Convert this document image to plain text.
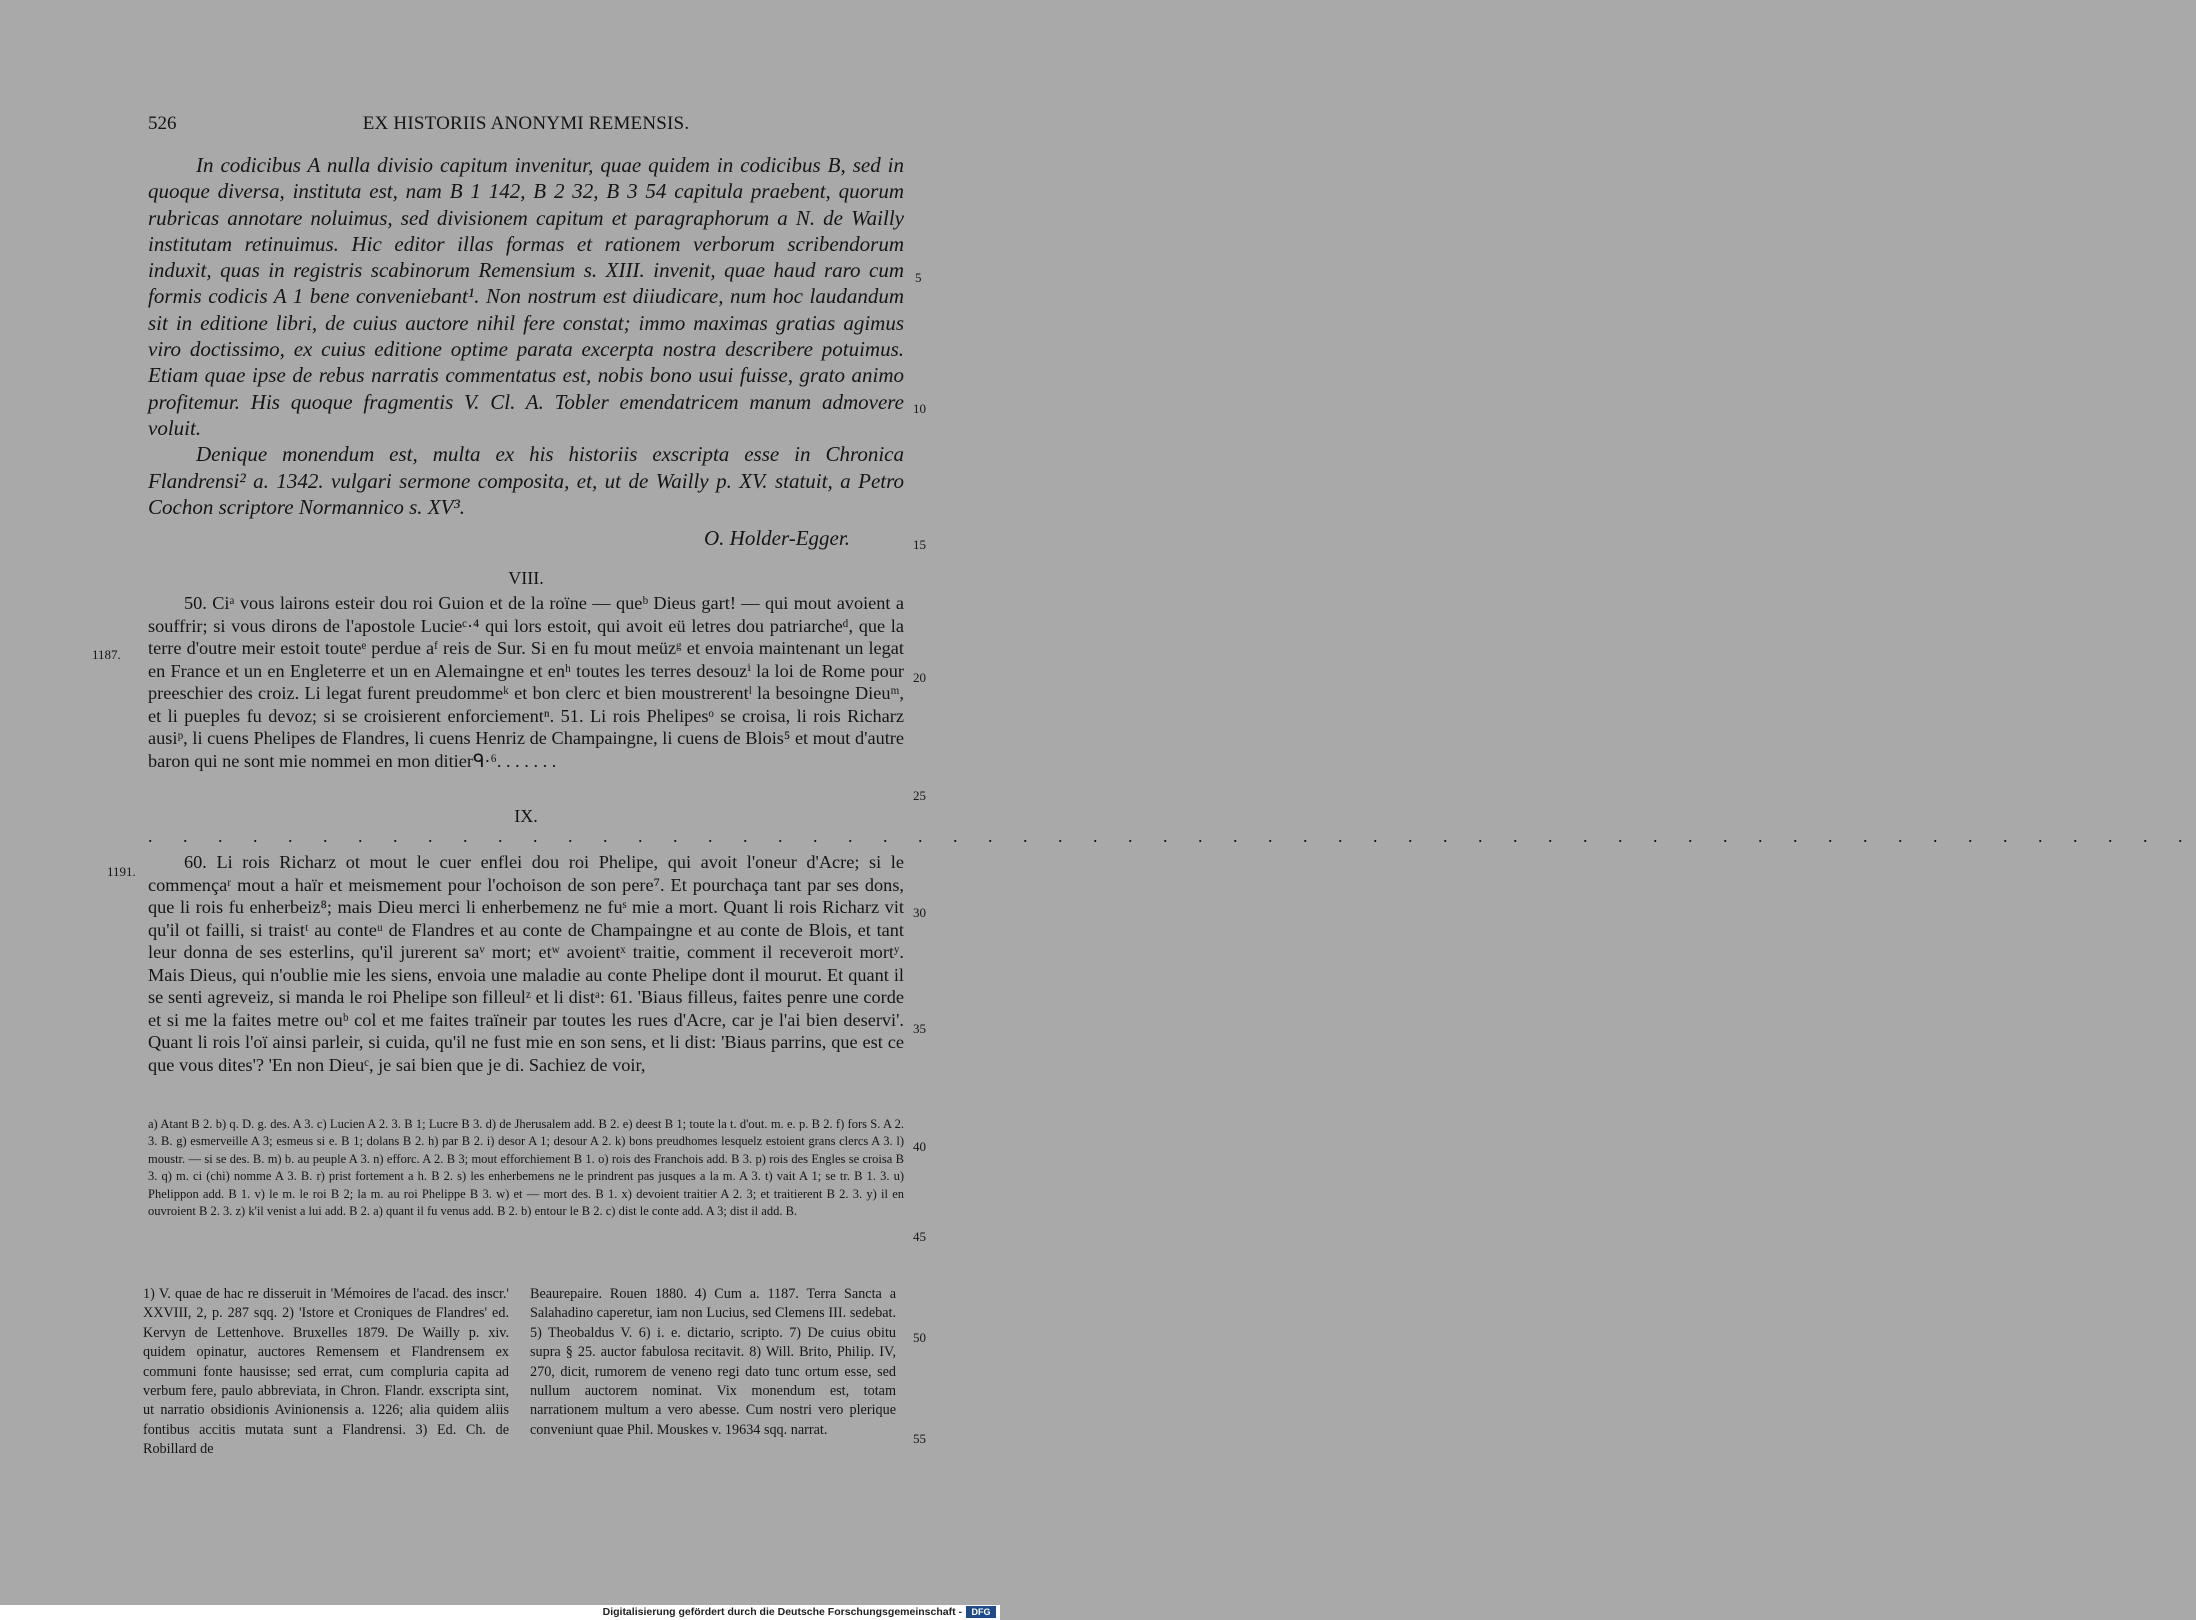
526	EX HISTORIIS ANONYMI REMENSIS.

In codicibus A nulla divisio capitum invenitur, quae quidem in codicibus B, sed in quoque diversa, instituta est, nam B 1 142, B 2 32, B 3 54 capitula praebent, quorum rubricas annotare noluimus, sed divisionem capitum et paragraphorum a N. de Wailly institutam retinuimus. Hic editor illas formas et rationem verborum scribendorum induxit, quas in registris scabinorum Remensium s. XIII. invenit, quae haud raro cum formis codicis A 1 bene conveniebant¹. Non nostrum est diiudicare, num hoc laudandum sit in editione libri, de cuius auctore nihil fere constat; immo maximas gratias agimus viro doctissimo, ex cuius editione optime parata excerpta nostra describere potuimus. Etiam quae ipse de rebus narratis commentatus est, nobis bono usui fuisse, grato animo profitemur. His quoque fragmentis V. Cl. A. Tobler emendatricem manum admovere voluit.

Denique monendum est, multa ex his historiis exscripta esse in Chronica Flandrensi² a. 1342. vulgari sermone composita, et, ut de Wailly p. XV. statuit, a Petro Cochon scriptore Normannico s. XV³.

O. Holder-Egger.
VIII.

50. Ciᵃ vous lairons esteir dou roi Guion et de la roïne — queᵇ Dieus gart! — qui mout avoient a souffrir; si vous dirons de l'apostole Lucieᶜ·⁴ qui lors estoit, qui avoit eü letres dou patriarcheᵈ, que la terre d'outre meir estoit touteᵉ perdue aᶠ reis de Sur. Si en fu mout meüzᵍ et envoia maintenant un legat en France et un en Engleterre et un en Alemaingne et enʰ toutes les terres desouzⁱ la loi de Rome pour preeschier des croiz. Li legat furent preudommeᵏ et bon clerc et bien moustrerentˡ la besoingne Dieuᵐ, et li pueples fu devoz; si se croisierent enforciementⁿ. 51. Li rois Phelipesᵒ se croisa, li rois Richarz ausiᵖ, li cuens Phelipes de Flandres, li cuens Henriz de Champaingne, li cuens de Blois⁵ et mout d'autre baron qui ne sont mie nommei en mon ditierᑫ·⁶. . . . . . .

IX.
. . . . . . . . . . . . . . . . . . . . . . . . . . . . . . . . . . . . . . . . . . . . . . . . . . . . . . . . . . .

60. Li rois Richarz ot mout le cuer enflei dou roi Phelipe, qui avoit l'oneur d'Acre; si le commençaʳ mout a haïr et meismement pour l'ochoison de son pere⁷. Et pourchaça tant par ses dons, que li rois fu enherbeiz⁸; mais Dieu merci li enherbemenz ne fuˢ mie a mort. Quant li rois Richarz vit qu'il ot failli, si traistᵗ au conteᵘ de Flandres et au conte de Champaingne et au conte de Blois, et tant leur donna de ses esterlins, qu'il jurerent saᵛ mort; etʷ avoientˣ traitie, comment il receveroit mortʸ. Mais Dieus, qui n'oublie mie les siens, envoia une maladie au conte Phelipe dont il mourut. Et quant il se senti agreveiz, si manda le roi Phelipe son filleulᶻ et li distᵃ: 61. 'Biaus filleus, faites penre une corde et si me la faites metre ouᵇ col et me faites traïneir par toutes les rues d'Acre, car je l'ai bien deservi'. Quant li rois l'oï ainsi parleir, si cuida, qu'il ne fust mie en son sens, et li dist: 'Biaus parrins, que est ce que vous dites'? 'En non Dieuᶜ, je sai bien que je di. Sachiez de voir,

1187.
1191.
5
10
15
20
25
30
35
40
45
50
55

a) Atant B 2. b) q. D. g. des. A 3. c) Lucien A 2. 3. B 1; Lucre B 3. d) de Jherusalem add. B 2. e) deest B 1; toute la t. d'out. m. e. p. B 2. f) fors S. A 2. 3. B. g) esmerveille A 3; esmeus si e. B 1; dolans B 2. h) par B 2. i) desor A 1; desour A 2. k) bons preudhomes lesquelz estoient grans clercs A 3. l) moustr. — si se des. B. m) b. au peuple A 3. n) efforc. A 2. B 3; mout efforchiement B 1. o) rois des Franchois add. B 3. p) rois des Engles se croisa B 3. q) m. ci (chi) nomme A 3. B. r) prist fortement a h. B 2. s) les enherbemens ne le prindrent pas jusques a la m. A 3. t) vait A 1; se tr. B 1. 3. u) Phelippon add. B 1. v) le m. le roi B 2; la m. au roi Phelippe B 3. w) et — mort des. B 1. x) devoient traitier A 2. 3; et traitierent B 2. 3. y) il en ouvroient B 2. 3. z) k'il venist a lui add. B 2. a) quant il fu venus add. B 2. b) entour le B 2. c) dist le conte add. A 3; dist il add. B.

1) V. quae de hac re disseruit in 'Mémoires de l'acad. des inscr.' XXVIII, 2, p. 287 sqq. 2) 'Istore et Croniques de Flandres' ed. Kervyn de Lettenhove. Bruxelles 1879. De Wailly p. xiv. quidem opinatur, auctores Remensem et Flandrensem ex communi fonte hausisse; sed errat, cum compluria capita ad verbum fere, paulo abbreviata, in Chron. Flandr. exscripta sint, ut narratio obsidionis Avinionensis a. 1226; alia quidem aliis fontibus accitis mutata sunt a Flandrensi. 3) Ed. Ch. de Robillard de

Beaurepaire. Rouen 1880. 4) Cum a. 1187. Terra Sancta a Salahadino caperetur, iam non Lucius, sed Clemens III. sedebat. 5) Theobaldus V. 6) i. e. dictario, scripto. 7) De cuius obitu supra § 25. auctor fabulosa recitavit. 8) Will. Brito, Philip. IV, 270, dicit, rumorem de veneno regi dato tunc ortum esse, sed nullum auctorem nominat. Vix monendum est, totam narrationem multum a vero abesse. Cum nostri vero plerique conveniunt quae Phil. Mouskes v. 19634 sqq. narrat.

Digitalisierung gefördert durch die Deutsche Forschungsgemeinschaft -	DFG
